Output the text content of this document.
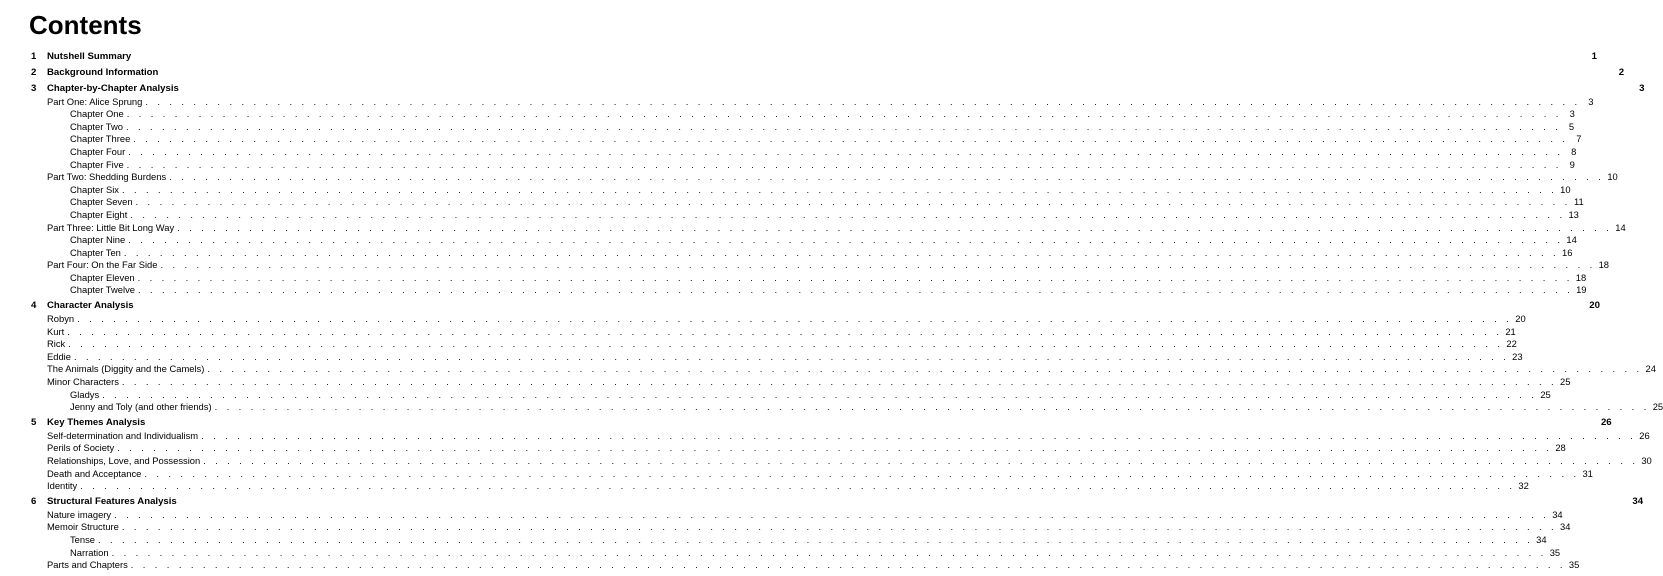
Contents
1 Nutshell Summary	1
2 Background Information	2
3 Chapter-by-Chapter Analysis	3
Part One: Alice Sprung . . . . . . . . . . . . . . . . . . . . . . . . . . . . . . . . . . . . . . . . . . . . . . . . . . . . . . . . . . . . . . . . . . . . . . . . . . . . . . . . . . . . . . . . . . . . . . . . . . . . . . . . . . . . . . . . . . . . . . . . 3
Chapter One . . . . . . . . . . . . . . . . . . . . . . . . . . . . . . . . . . . . . . . . . . . . . . . . . . . . . . . . . . . . . . . . . . . . . . . . . . . . . . . . . . . . . . . . . . . . . . . . . . . . . . . . . . . . . . . . . . . . . . . . 3
Chapter Two . . . . . . . . . . . . . . . . . . . . . . . . . . . . . . . . . . . . . . . . . . . . . . . . . . . . . . . . . . . . . . . . . . . . . . . . . . . . . . . . . . . . . . . . . . . . . . . . . . . . . . . . . . . . . . . . . . . . . . . . 5
Chapter Three . . . . . . . . . . . . . . . . . . . . . . . . . . . . . . . . . . . . . . . . . . . . . . . . . . . . . . . . . . . . . . . . . . . . . . . . . . . . . . . . . . . . . . . . . . . . . . . . . . . . . . . . . . . . . . . . . . . . . . . . 7
Chapter Four . . . . . . . . . . . . . . . . . . . . . . . . . . . . . . . . . . . . . . . . . . . . . . . . . . . . . . . . . . . . . . . . . . . . . . . . . . . . . . . . . . . . . . . . . . . . . . . . . . . . . . . . . . . . . . . . . . . . . . . . 8
Chapter Five . . . . . . . . . . . . . . . . . . . . . . . . . . . . . . . . . . . . . . . . . . . . . . . . . . . . . . . . . . . . . . . . . . . . . . . . . . . . . . . . . . . . . . . . . . . . . . . . . . . . . . . . . . . . . . . . . . . . . . . . 9
Part Two: Shedding Burdens . . . . . . . . . . . . . . . . . . . . . . . . . . . . . . . . . . . . . . . . . . . . . . . . . . . . . . . . . . . . . . . . . . . . . . . . . . . . . . . . . . . . . . . . . . . . . . . . . . . . . . . . . . . . . . . . . . . . . . . . 10
Chapter Six . . . . . . . . . . . . . . . . . . . . . . . . . . . . . . . . . . . . . . . . . . . . . . . . . . . . . . . . . . . . . . . . . . . . . . . . . . . . . . . . . . . . . . . . . . . . . . . . . . . . . . . . . . . . . . . . . . . . . . . . 10
Chapter Seven . . . . . . . . . . . . . . . . . . . . . . . . . . . . . . . . . . . . . . . . . . . . . . . . . . . . . . . . . . . . . . . . . . . . . . . . . . . . . . . . . . . . . . . . . . . . . . . . . . . . . . . . . . . . . . . . . . . . . . . . 11
Chapter Eight . . . . . . . . . . . . . . . . . . . . . . . . . . . . . . . . . . . . . . . . . . . . . . . . . . . . . . . . . . . . . . . . . . . . . . . . . . . . . . . . . . . . . . . . . . . . . . . . . . . . . . . . . . . . . . . . . . . . . . . . 13
Part Three: Little Bit Long Way . . . . . . . . . . . . . . . . . . . . . . . . . . . . . . . . . . . . . . . . . . . . . . . . . . . . . . . . . . . . . . . . . . . . . . . . . . . . . . . . . . . . . . . . . . . . . . . . . . . . . . . . . . . . . . . . . . . . . . . . 14
Chapter Nine . . . . . . . . . . . . . . . . . . . . . . . . . . . . . . . . . . . . . . . . . . . . . . . . . . . . . . . . . . . . . . . . . . . . . . . . . . . . . . . . . . . . . . . . . . . . . . . . . . . . . . . . . . . . . . . . . . . . . . . . 14
Chapter Ten . . . . . . . . . . . . . . . . . . . . . . . . . . . . . . . . . . . . . . . . . . . . . . . . . . . . . . . . . . . . . . . . . . . . . . . . . . . . . . . . . . . . . . . . . . . . . . . . . . . . . . . . . . . . . . . . . . . . . . . . 16
Part Four: On the Far Side . . . . . . . . . . . . . . . . . . . . . . . . . . . . . . . . . . . . . . . . . . . . . . . . . . . . . . . . . . . . . . . . . . . . . . . . . . . . . . . . . . . . . . . . . . . . . . . . . . . . . . . . . . . . . . . . . . . . . . . . 18
Chapter Eleven . . . . . . . . . . . . . . . . . . . . . . . . . . . . . . . . . . . . . . . . . . . . . . . . . . . . . . . . . . . . . . . . . . . . . . . . . . . . . . . . . . . . . . . . . . . . . . . . . . . . . . . . . . . . . . . . . . . . . . . . 18
Chapter Twelve . . . . . . . . . . . . . . . . . . . . . . . . . . . . . . . . . . . . . . . . . . . . . . . . . . . . . . . . . . . . . . . . . . . . . . . . . . . . . . . . . . . . . . . . . . . . . . . . . . . . . . . . . . . . . . . . . . . . . . . . 19
4 Character Analysis	20
Robyn . . . . . . . . . . . . . . . . . . . . . . . . . . . . . . . . . . . . . . . . . . . . . . . . . . . . . . . . . . . . . . . . . . . . . . . . . . . . . . . . . . . . . . . . . . . . . . . . . . . . . . . . . . . . . . . . . . . . . . . . 20
Kurt . . . . . . . . . . . . . . . . . . . . . . . . . . . . . . . . . . . . . . . . . . . . . . . . . . . . . . . . . . . . . . . . . . . . . . . . . . . . . . . . . . . . . . . . . . . . . . . . . . . . . . . . . . . . . . . . . . . . . . . . 21
Rick . . . . . . . . . . . . . . . . . . . . . . . . . . . . . . . . . . . . . . . . . . . . . . . . . . . . . . . . . . . . . . . . . . . . . . . . . . . . . . . . . . . . . . . . . . . . . . . . . . . . . . . . . . . . . . . . . . . . . . . . 22
Eddie . . . . . . . . . . . . . . . . . . . . . . . . . . . . . . . . . . . . . . . . . . . . . . . . . . . . . . . . . . . . . . . . . . . . . . . . . . . . . . . . . . . . . . . . . . . . . . . . . . . . . . . . . . . . . . . . . . . . . . . . 23
The Animals (Diggity and the Camels) . . . . . . . . . . . . . . . . . . . . . . . . . . . . . . . . . . . . . . . . . . . . . . . . . . . . . . . . . . . . . . . . . . . . . . . . . . . . . . . . . . . . . . . . . . . . . . . . . . . . . . . . . . . . . . . . . . . . . . . . 24
Minor Characters . . . . . . . . . . . . . . . . . . . . . . . . . . . . . . . . . . . . . . . . . . . . . . . . . . . . . . . . . . . . . . . . . . . . . . . . . . . . . . . . . . . . . . . . . . . . . . . . . . . . . . . . . . . . . . . . . . . . . . . . 25
Gladys . . . . . . . . . . . . . . . . . . . . . . . . . . . . . . . . . . . . . . . . . . . . . . . . . . . . . . . . . . . . . . . . . . . . . . . . . . . . . . . . . . . . . . . . . . . . . . . . . . . . . . . . . . . . . . . . . . . . . . . . 25
Jenny and Toly (and other friends) . . . . . . . . . . . . . . . . . . . . . . . . . . . . . . . . . . . . . . . . . . . . . . . . . . . . . . . . . . . . . . . . . . . . . . . . . . . . . . . . . . . . . . . . . . . . . . . . . . . . . . . . . . . . . . . . . . . . . . . . 25
5 Key Themes Analysis	26
Self-determination and Individualism . . . . . . . . . . . . . . . . . . . . . . . . . . . . . . . . . . . . . . . . . . . . . . . . . . . . . . . . . . . . . . . . . . . . . . . . . . . . . . . . . . . . . . . . . . . . . . . . . . . . . . . . . . . . . . . . . . . . . . . . 26
Perils of Society . . . . . . . . . . . . . . . . . . . . . . . . . . . . . . . . . . . . . . . . . . . . . . . . . . . . . . . . . . . . . . . . . . . . . . . . . . . . . . . . . . . . . . . . . . . . . . . . . . . . . . . . . . . . . . . . . . . . . . . . 28
Relationships, Love, and Possession . . . . . . . . . . . . . . . . . . . . . . . . . . . . . . . . . . . . . . . . . . . . . . . . . . . . . . . . . . . . . . . . . . . . . . . . . . . . . . . . . . . . . . . . . . . . . . . . . . . . . . . . . . . . . . . . . . . . . . . . 30
Death and Acceptance . . . . . . . . . . . . . . . . . . . . . . . . . . . . . . . . . . . . . . . . . . . . . . . . . . . . . . . . . . . . . . . . . . . . . . . . . . . . . . . . . . . . . . . . . . . . . . . . . . . . . . . . . . . . . . . . . . . . . . . . 31
Identity . . . . . . . . . . . . . . . . . . . . . . . . . . . . . . . . . . . . . . . . . . . . . . . . . . . . . . . . . . . . . . . . . . . . . . . . . . . . . . . . . . . . . . . . . . . . . . . . . . . . . . . . . . . . . . . . . . . . . . . . 32
6 Structural Features Analysis	34
Nature imagery . . . . . . . . . . . . . . . . . . . . . . . . . . . . . . . . . . . . . . . . . . . . . . . . . . . . . . . . . . . . . . . . . . . . . . . . . . . . . . . . . . . . . . . . . . . . . . . . . . . . . . . . . . . . . . . . . . . . . . . . 34
Memoir Structure . . . . . . . . . . . . . . . . . . . . . . . . . . . . . . . . . . . . . . . . . . . . . . . . . . . . . . . . . . . . . . . . . . . . . . . . . . . . . . . . . . . . . . . . . . . . . . . . . . . . . . . . . . . . . . . . . . . . . . . . 34
Tense . . . . . . . . . . . . . . . . . . . . . . . . . . . . . . . . . . . . . . . . . . . . . . . . . . . . . . . . . . . . . . . . . . . . . . . . . . . . . . . . . . . . . . . . . . . . . . . . . . . . . . . . . . . . . . . . . . . . . . . . 34
Narration . . . . . . . . . . . . . . . . . . . . . . . . . . . . . . . . . . . . . . . . . . . . . . . . . . . . . . . . . . . . . . . . . . . . . . . . . . . . . . . . . . . . . . . . . . . . . . . . . . . . . . . . . . . . . . . . . . . . . . . . 35
Parts and Chapters . . . . . . . . . . . . . . . . . . . . . . . . . . . . . . . . . . . . . . . . . . . . . . . . . . . . . . . . . . . . . . . . . . . . . . . . . . . . . . . . . . . . . . . . . . . . . . . . . . . . . . . . . . . . . . . . . . . . . . . . 35
